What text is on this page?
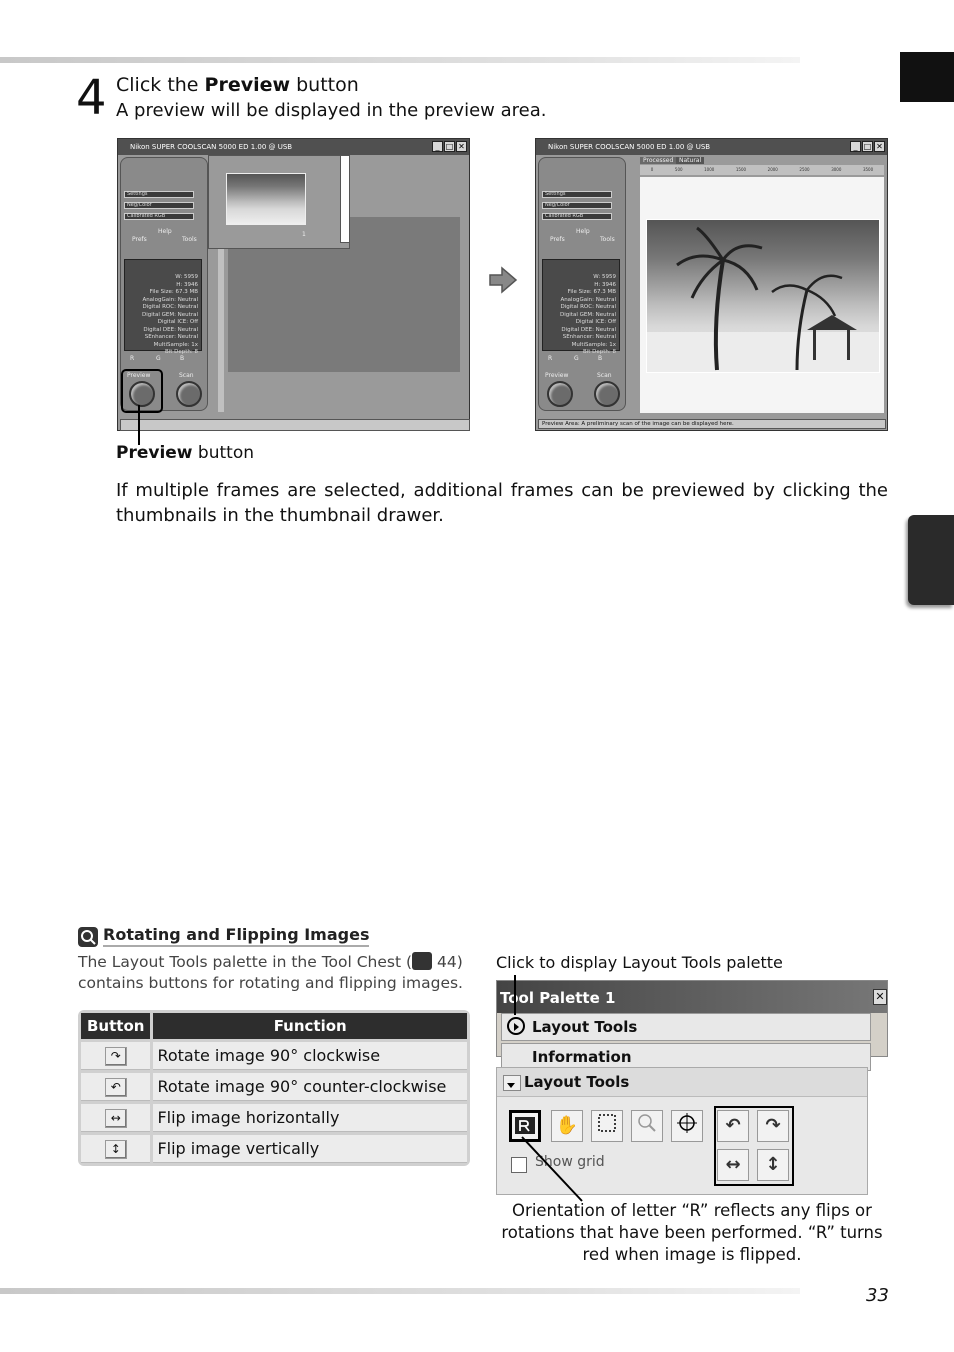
4 Click the Preview button
A preview will be displayed in the preview area.
Nikon SUPER COOLSCAN 5000 ED 1.00 @ USB	_ □ ✕
Settings
Neg/Color
Calibrated RGB
Prefs
Help
Tools
W: 5959
H: 3946
File Size: 67.3 MB
AnalogGain: Neutral
Digital ROC: Neutral
Digital GEM: Neutral
Digital ICE: Off
Digital DEE: Neutral
SEnhancer: Neutral
MultiSample: 1x
Bit Depth: 8
R	G	B
Preview	Scan
1
Nikon SUPER COOLSCAN 5000 ED 1.00 @ USB	_ □ ✕
Settings
Neg/Color
Calibrated RGB
Prefs
Help
Tools
W: 5959
H: 3946
File Size: 67.3 MB
AnalogGain: Neutral
Digital ROC: Neutral
Digital GEM: Neutral
Digital ICE: Off
Digital DEE: Neutral
SEnhancer: Neutral
MultiSample: 1x
Bit Depth: 8
R	G	B
Preview	Scan
Processed Natural
0	500	1000	1500	2000	2500	3000	3500
Preview Area: A preliminary scan of the image can be displayed here.
Preview button
If multiple frames are selected, additional frames can be previewed by clicking the thumbnails in the thumbnail drawer.
Rotating and Flipping Images
The Layout Tools palette in the Tool Chest ( 44)
contains buttons for rotating and flipping images.
Button	Function
↷	Rotate image 90° clockwise
↶	Rotate image 90° counter-clockwise
↔	Flip image horizontally
↕	Flip image vertically
Click to display Layout Tools palette
Tool Palette 1	✕
Layout Tools
Information
Layout Tools
✋	↶	↷
↔	↕
Show grid
Orientation of letter “R” reflects any flips or rotations that have been performed. “R” turns red when image is flipped.
33
